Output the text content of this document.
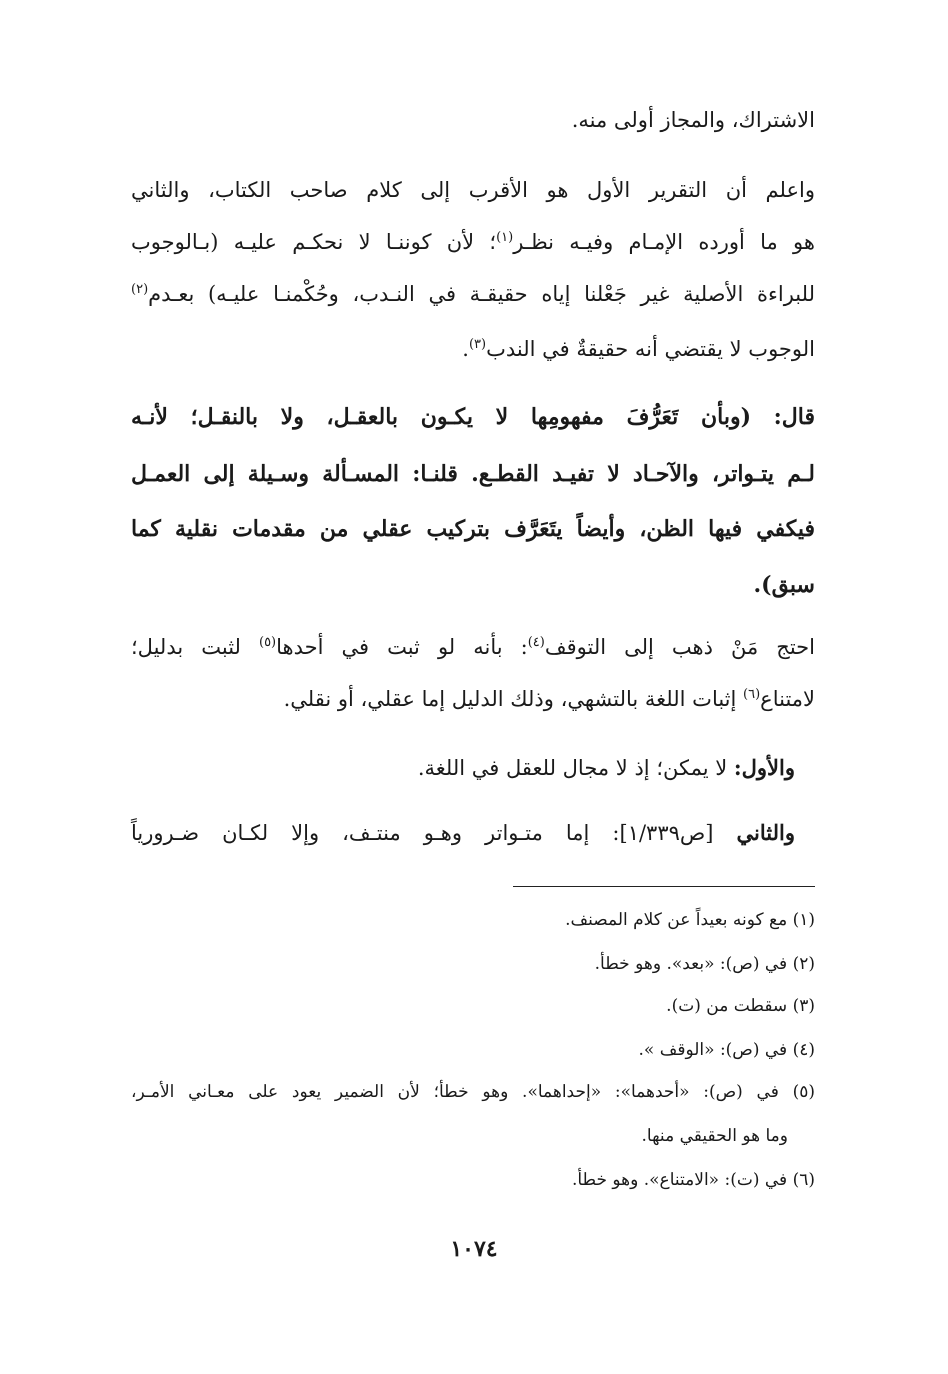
الاشتراك، والمجاز أولى منه.
واعلم أن التقرير الأول هو الأقرب إلى كلام صاحب الكتاب، والثاني
هو ما أورده الإمـام وفيـه نظـر$^{(١)}$؛ لأن كوننـا لا نحكـم عليـه (بـالوجوب
للبراءة الأصلية غير جَعْلنا إياه حقيقـة في النـدب، وحُكْمنـا عليـه) بعـدم$^{(٢)}$
الوجوب لا يقتضي أنه حقيقةٌ في الندب$^{(٣)}$.
قال: (وبأن تَعَرُّفَ مفهومِها لا يكـون بالعقـل، ولا بالنقـل؛ لأنـه
لـم يتـواتر، والآحـاد لا تفيـد القطـع. قلنـا: المسـألة وسـيلة إلى العمـل
فيكفي فيها الظن، وأيضاً يتَعَرَّف بتركيب عقلي من مقدمات نقلية كما
سبق).
احتج مَنْ ذهب إلى التوقف$^{(٤)}$: بأنه لو ثبت في أحدها$^{(٥)}$ لثبت بدليل؛
لامتناع$^{(٦)}$ إثبات اللغة بالتشهي، وذلك الدليل إما عقلي، أو نقلي.
والأول: لا يمكن؛ إذ لا مجال للعقل في اللغة.
والثاني [ص١/٣٣٩]: إما متـواتر وهـو منتـف، وإلا لكـان ضـرورياً
(١) مع كونه بعيداً عن كلام المصنف.
(٢) في (ص): «بعد». وهو خطأ.
(٣) سقطت من (ت).
(٤) في (ص): «الوقف ».
(٥) في (ص): «أحدهما»: «إحداهما». وهو خطأ؛ لأن الضمير يعود على معـاني الأمـر،
وما هو الحقيقي منها.
(٦) في (ت): «الامتناع». وهو خطأ.
١٠٧٤
